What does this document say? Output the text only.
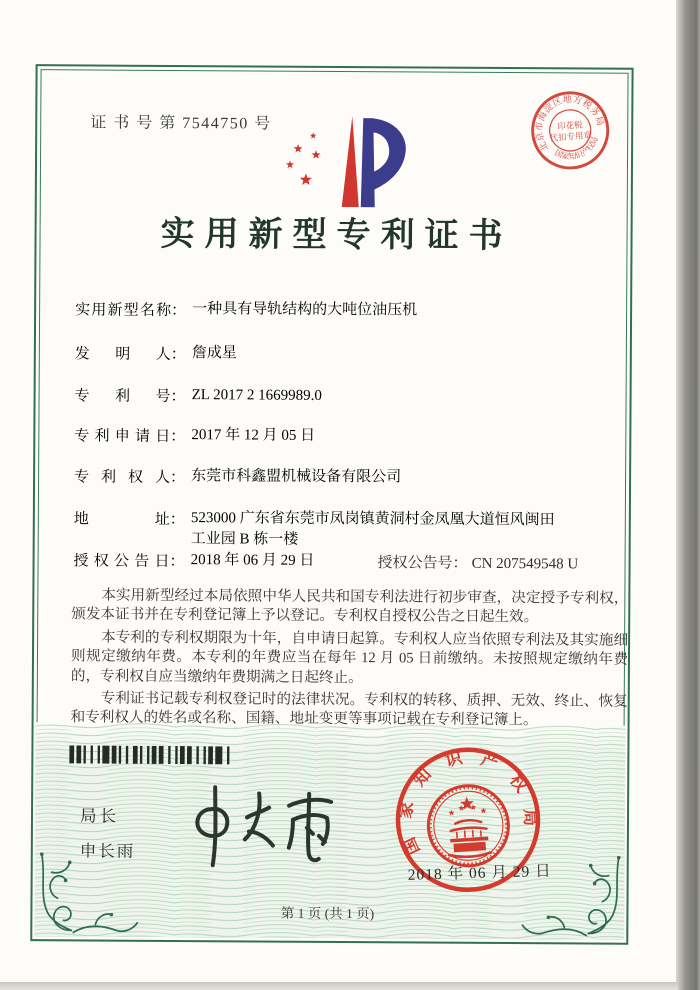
证 书 号 第 7544750 号
北京市海淀区地方税务局
国家知识产权局
印花税
代扣专用章
实用新型专利证书
实用新型名称： 一种具有导轨结构的大吨位油压机
发明人： 詹成星
专利号： ZL 2017 2 1669989.0
专利申请日： 2017 年 12 月 05 日
专利权人： 东莞市科鑫盟机械设备有限公司
地址： 523000 广东省东莞市凤岗镇黄洞村金凤凰大道恒风闽田
工业园 B 栋一楼
授权公告日： 2018 年 06 月 29 日	授权公告号： CN 207549548 U

本实用新型经过本局依照中华人民共和国专利法进行初步审查，决定授予专利权，颁发本证书并在专利登记簿上予以登记。专利权自授权公告之日起生效。

本专利的专利权期限为十年，自申请日起算。专利权人应当依照专利法及其实施细则规定缴纳年费。本专利的年费应当在每年 12 月 05 日前缴纳。未按照规定缴纳年费的，专利权自应当缴纳年费期满之日起终止。

专利证书记载专利权登记时的法律状况。专利权的转移、质押、无效、终止、恢复和专利权人的姓名或名称、国籍、地址变更等事项记载在专利登记簿上。

局长
申长雨	国家知识产权局
2018 年 06 月 29 日
第 1 页 (共 1 页)
